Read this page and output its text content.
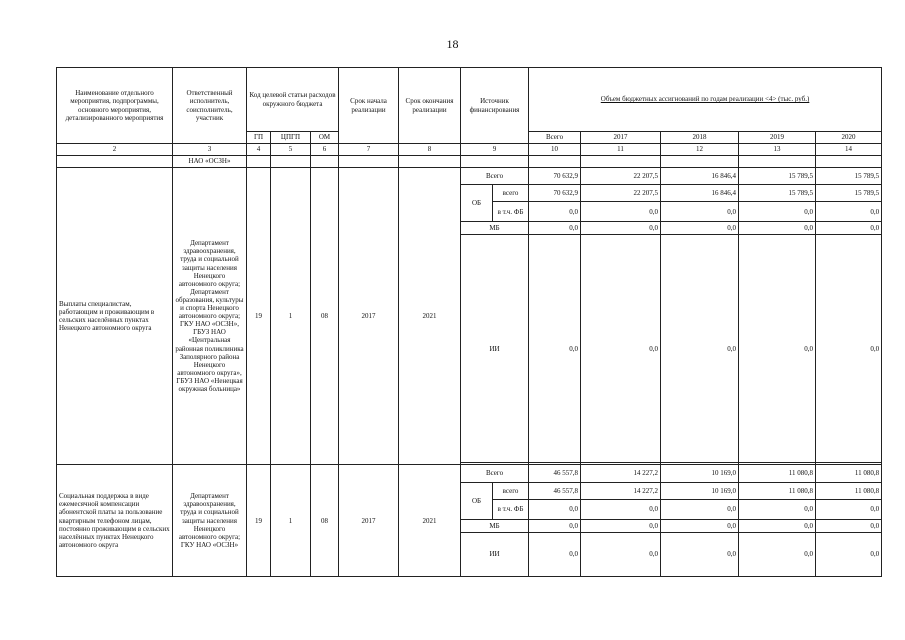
18
Наименование отдельного мероприятия, подпрограммы, основного мероприятия, детализированного мероприятия	Ответственный исполнитель, соисполнитель, участник	Код целевой статьи расходов окружного бюджета			Срок начала реализации	Срок окончания реализации	Источник финансирования		Объем бюджетных ассигнований по годам реализации <4> (тыс. руб.)					
		ГП	ЦПГП	ОМ					Всего	2017	2018	2019	2020	
2	3	4	5	6	7	8	9		10	11	12	13	14	
	НАО «ОСЗН»													
Выплаты специалистам, работающим и проживающим в сельских населённых пунктах Ненецкого автономного округа	Департамент здравоохранения, труда и социальной защиты населения Ненецкого автономного округа; Департамент образования, культуры и спорта Ненецкого автономного округа; ГКУ НАО «ОСЗН», ГБУЗ НАО «Центральная районная поликлиника Заполярного района Ненецкого автономного округа», ГБУЗ НАО «Ненецкая окружная больница»	19	1	08	2017	2021	Всего		70 632,9	22 207,5	16 846,4	15 789,5	15 789,5	
							ОБ	всего	70 632,9	22 207,5	16 846,4	15 789,5	15 789,5	
								в т.ч. ФБ	0,0	0,0	0,0	0,0	0,0	
							МБ		0,0	0,0	0,0	0,0	0,0	
							ИИ		0,0	0,0	0,0	0,0	0,0	

Социальная поддержка в виде ежемесячной компенсации абонентской платы за пользование квартирным телефоном лицам, постоянно проживающим в сельских населённых пунктах Ненецкого автономного округа	Департамент здравоохранения, труда и социальной защиты населения Ненецкого автономного округа; ГКУ НАО «ОСЗН»	19	1	08	2017	2021	Всего		46 557,8	14 227,2	10 169,0	11 080,8	11 080,8	
							ОБ	всего	46 557,8	14 227,2	10 169,0	11 080,8	11 080,8	
								в т.ч. ФБ	0,0	0,0	0,0	0,0	0,0	
							МБ		0,0	0,0	0,0	0,0	0,0	
							ИИ		0,0	0,0	0,0	0,0	0,0	
